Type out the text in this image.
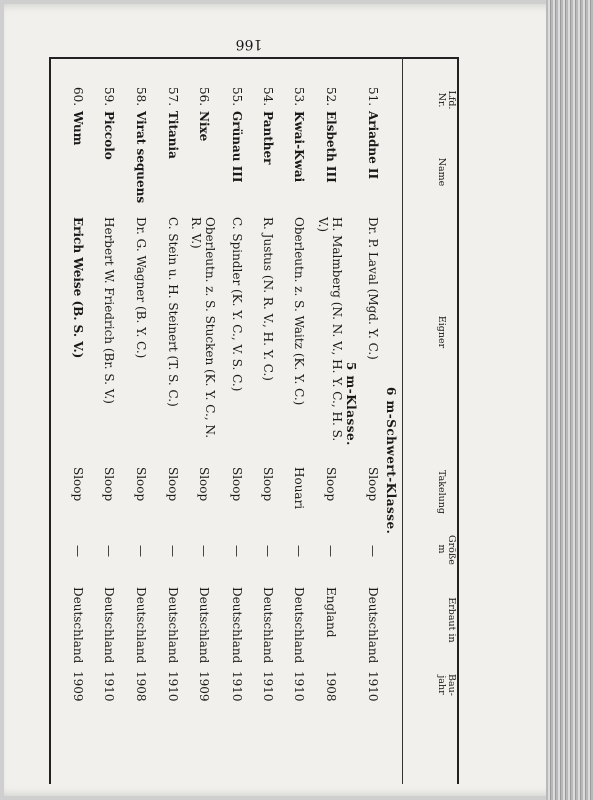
166
Lfd. Nr.
Name
Eigner
Takelung
Größe m
Erbaut in
Bau- jahr
6 m-Schwert-Klasse.
51.
Ariadne II
Dr. P. Laval (Mgd. Y. C.)
Sloop
—
Deutschland
1910
5 m-Klasse.
52.
Elsbeth III
H. Malmberg (N. N. V., H. Y. C., H. S. V.)
Sloop
—
England
1908
53.
Kwai-Kwai
Oberleutn. z. S. Waitz (K. Y. C.)
Houari
—
Deutschland
1910
54.
Panther
R. Justus (N. R. V., H. Y. C.)
Sloop
—
Deutschland
1910
55.
Grünau III
C. Spindler (K. Y. C., V. S. C.)
Sloop
—
Deutschland
1910
56.
Nixe
Oberleutn. z. S. Stucken (K. Y. C., N. R. V.)
Sloop
—
Deutschland
1909
57.
Titania
C. Stein u. H. Steinert (T. S. C.)
Sloop
—
Deutschland
1910
58.
Virat sequens
Dr. G. Wagner (B. Y. C.)
Sloop
—
Deutschland
1908
59.
Piccolo
Herbert W. Friedrich (Br. S. V.)
Sloop
—
Deutschland
1910
60.
Wum
Erich Weise (B. S. V.)
Sloop
—
Deutschland
1909
